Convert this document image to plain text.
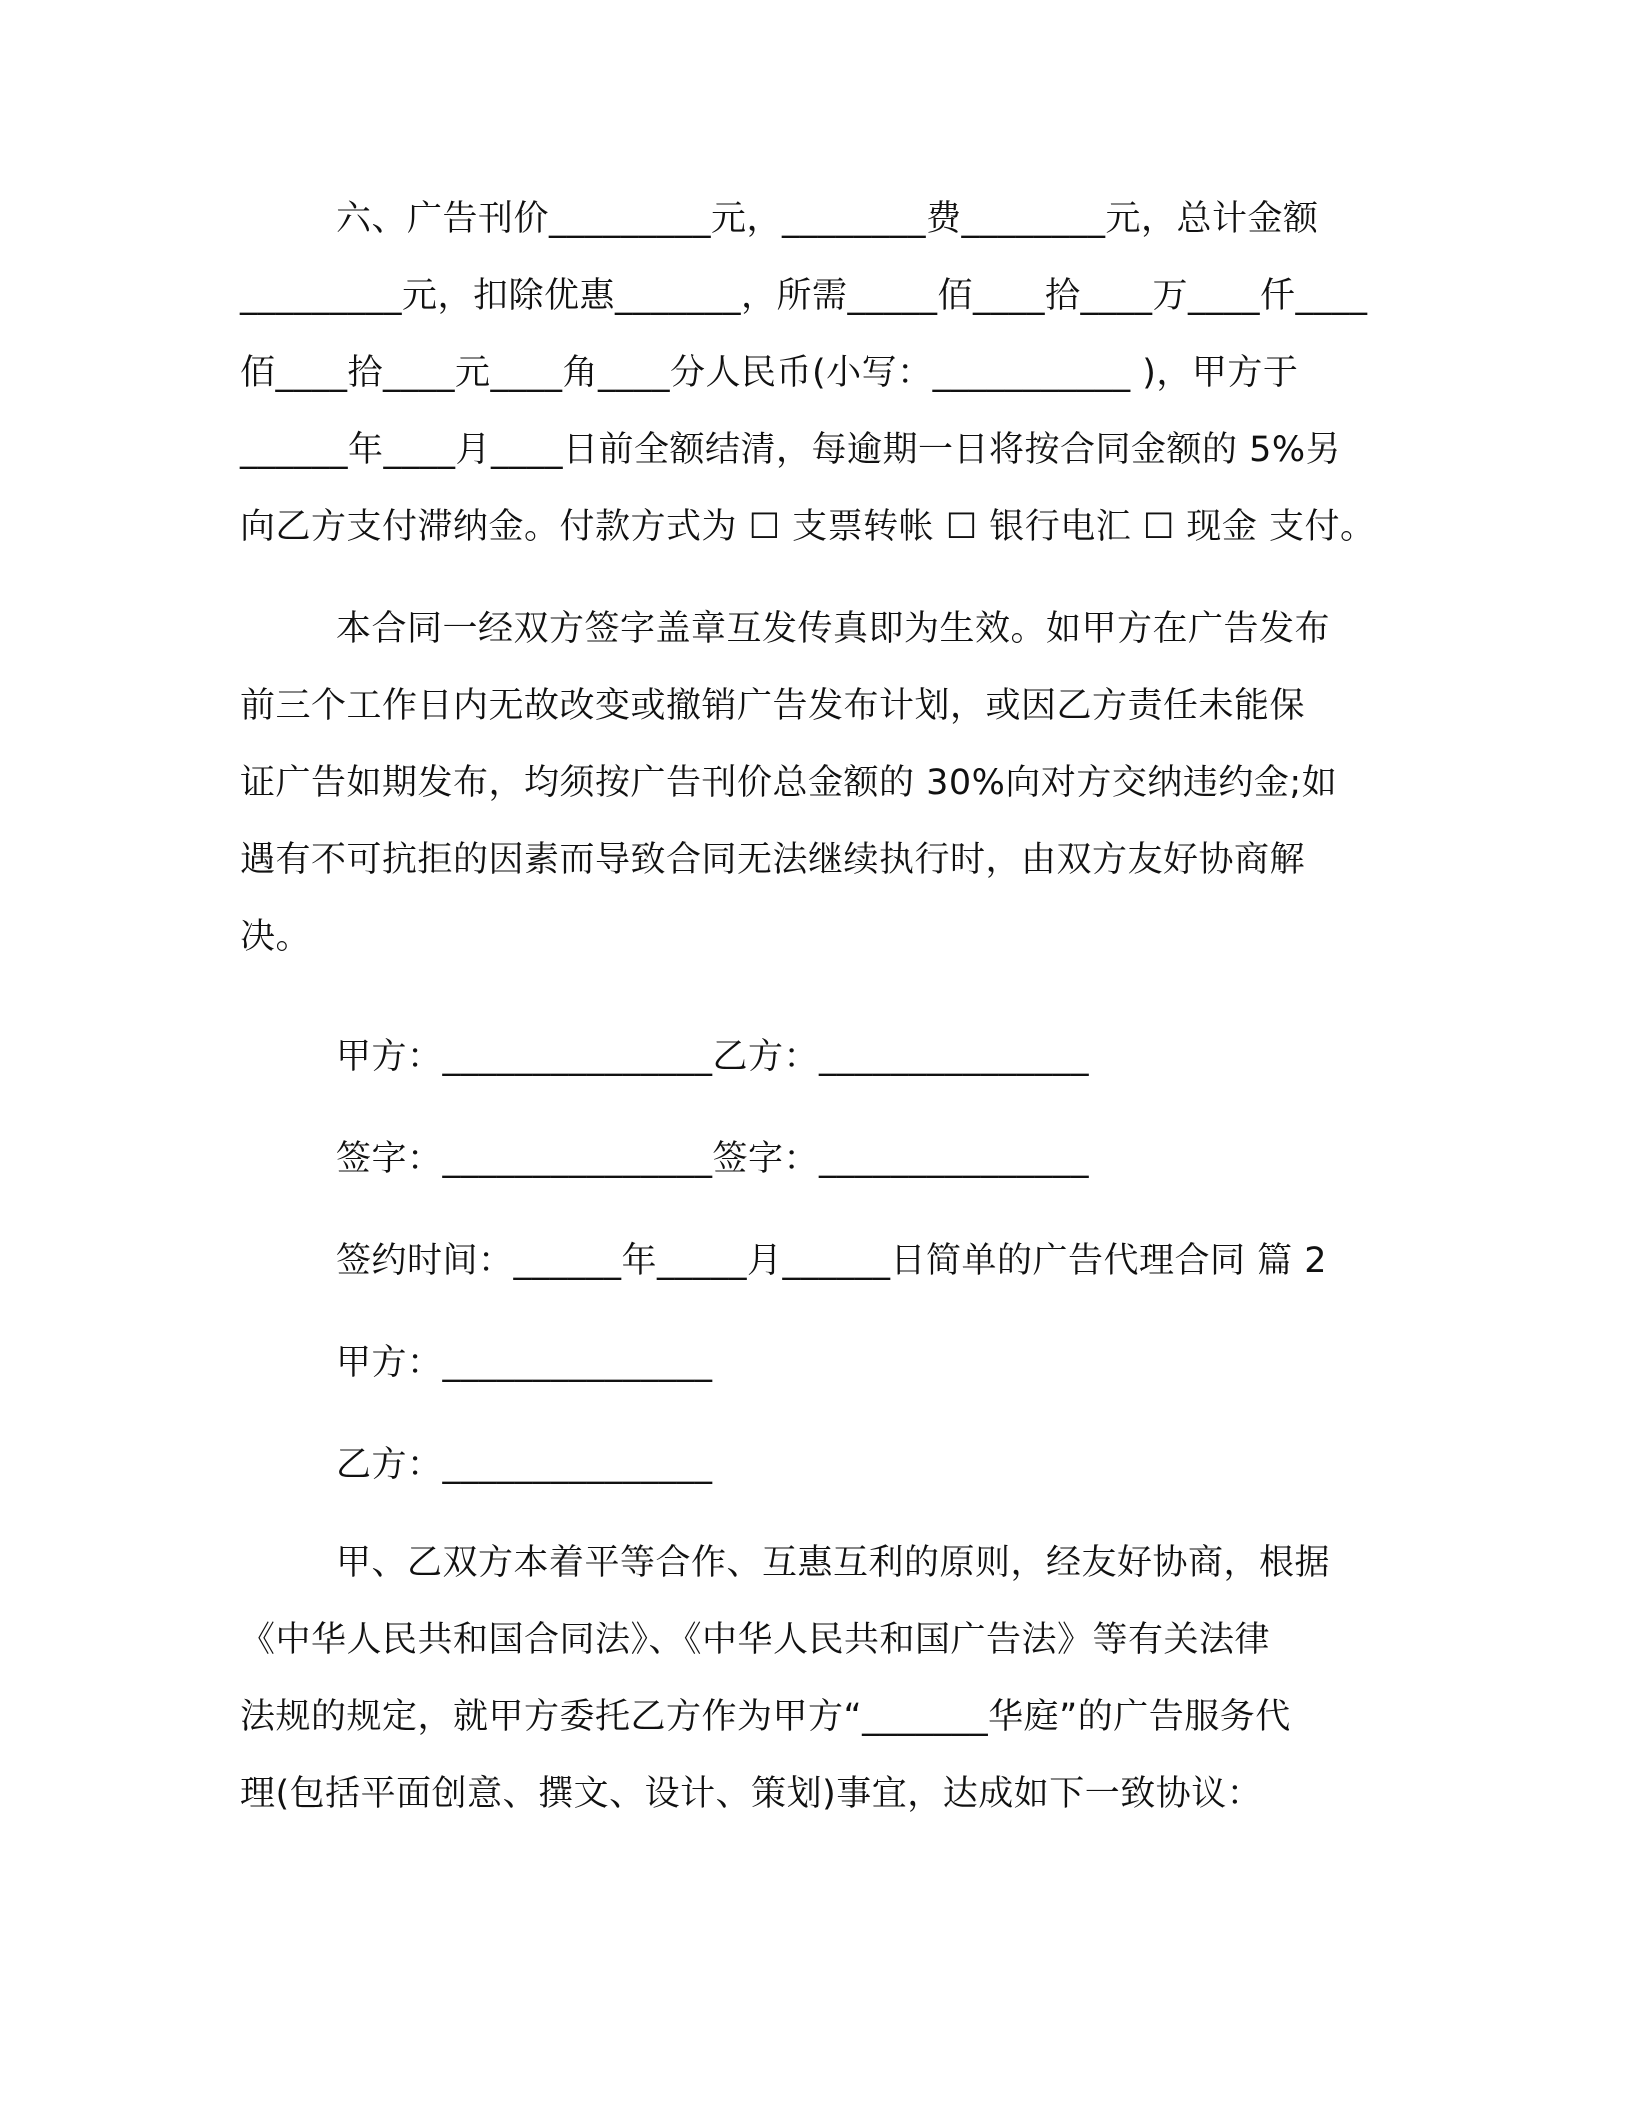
六、广告刊价_________元，________费________元，总计金额
_________元，扣除优惠_______，所需_____佰____拾____万____仟____
佰____拾____元____角____分人民币(小写：___________ )，甲方于
______年____月____日前全额结清，每逾期一日将按合同金额的 5%另
向乙方支付滞纳金。付款方式为 ☐ 支票转帐 ☐ 银行电汇 ☐ 现金 支付。
本合同一经双方签字盖章互发传真即为生效。如甲方在广告发布
前三个工作日内无故改变或撤销广告发布计划，或因乙方责任未能保
证广告如期发布，均须按广告刊价总金额的 30%向对方交纳违约金;如
遇有不可抗拒的因素而导致合同无法继续执行时，由双方友好协商解
决。
甲方：_______________乙方：_______________
签字：_______________签字：_______________
签约时间：______年_____月______日简单的广告代理合同 篇 2
甲方：_______________
乙方：_______________
甲、乙双方本着平等合作、互惠互利的原则，经友好协商，根据
《中华人民共和国合同法》、《中华人民共和国广告法》等有关法律
法规的规定，就甲方委托乙方作为甲方“_______华庭”的广告服务代
理(包括平面创意、撰文、设计、策划)事宜，达成如下一致协议：
